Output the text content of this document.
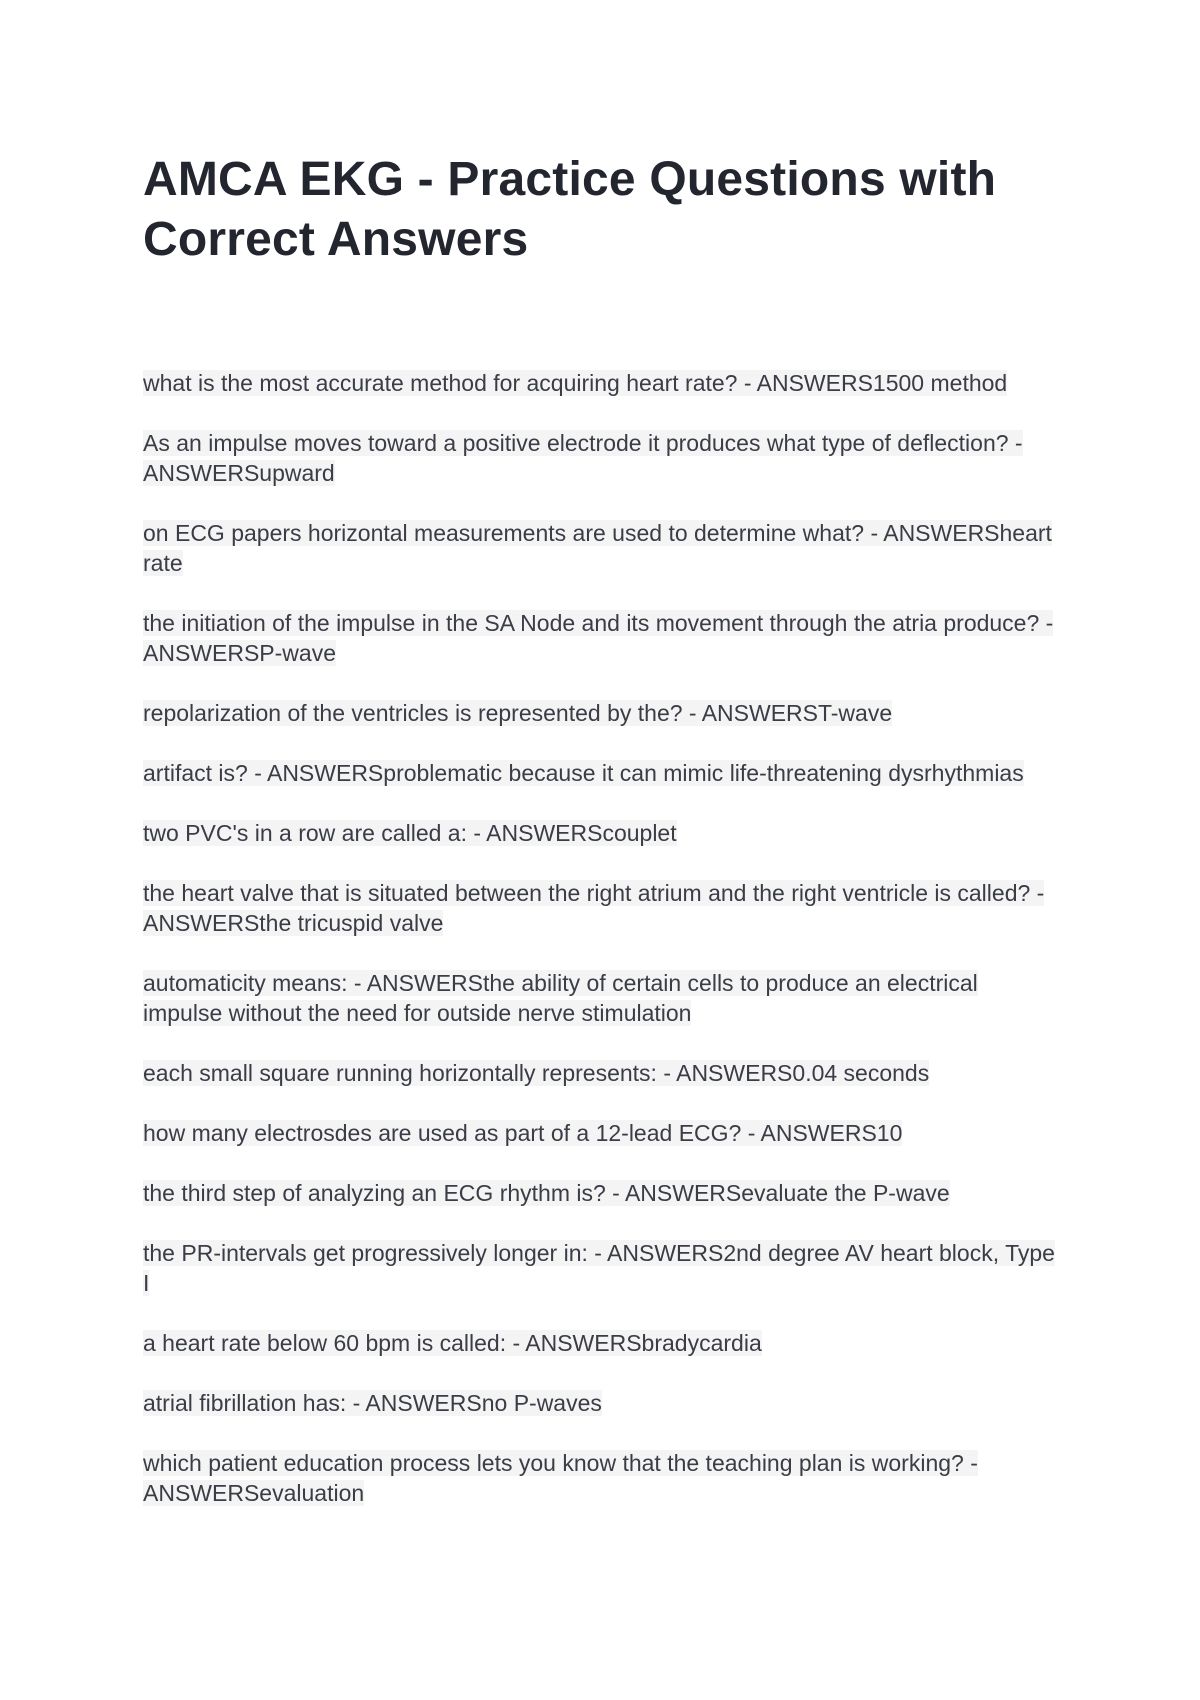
AMCA EKG - Practice Questions with Correct Answers

what is the most accurate method for acquiring heart rate? - ANSWERS1500 method

As an impulse moves toward a positive electrode it produces what type of deflection? - ANSWERSupward

on ECG papers horizontal measurements are used to determine what? - ANSWERSheart rate

the initiation of the impulse in the SA Node and its movement through the atria produce? - ANSWERSP-wave

repolarization of the ventricles is represented by the? - ANSWERST-wave

artifact is? - ANSWERSproblematic because it can mimic life-threatening dysrhythmias

two PVC's in a row are called a: - ANSWERScouplet

the heart valve that is situated between the right atrium and the right ventricle is called? - ANSWERSthe tricuspid valve

automaticity means: - ANSWERSthe ability of certain cells to produce an electrical impulse without the need for outside nerve stimulation

each small square running horizontally represents: - ANSWERS0.04 seconds

how many electrosdes are used as part of a 12-lead ECG? - ANSWERS10

the third step of analyzing an ECG rhythm is? - ANSWERSevaluate the P-wave

the PR-intervals get progressively longer in: - ANSWERS2nd degree AV heart block, Type I

a heart rate below 60 bpm is called: - ANSWERSbradycardia

atrial fibrillation has: - ANSWERSno P-waves

which patient education process lets you know that the teaching plan is working? - ANSWERSevaluation
